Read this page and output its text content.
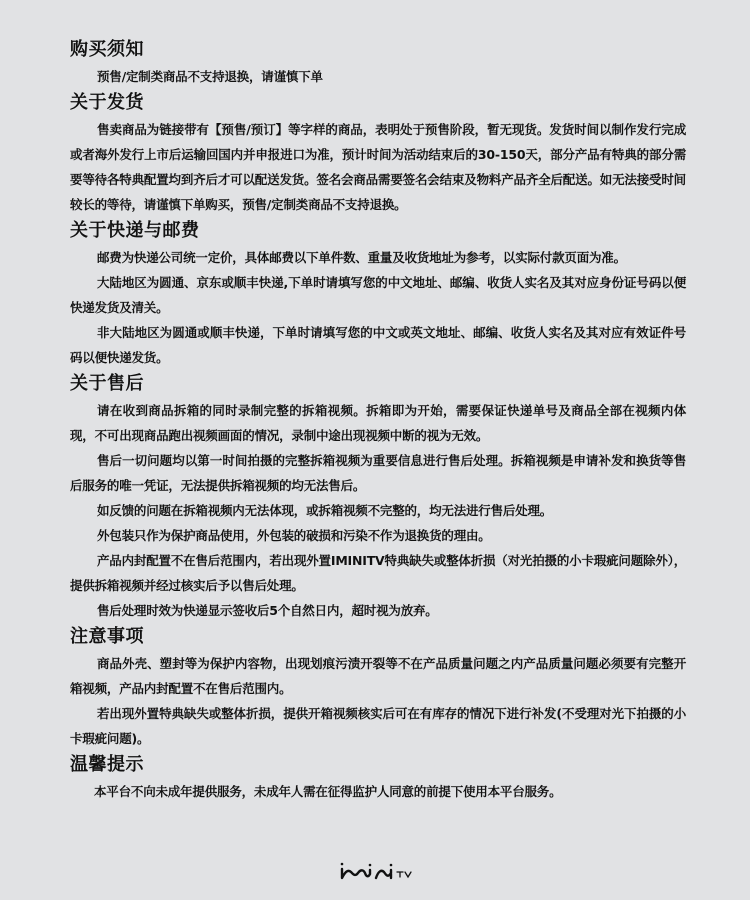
购买须知

预售/定制类商品不支持退换，请谨慎下单

关于发货

售卖商品为链接带有【预售/预订】等字样的商品，表明处于预售阶段，暂无现货。发货时间以制作发行完成或者海外发行上市后运输回国内并申报进口为准，预计时间为活动结束后的30-150天，部分产品有特典的部分需要等待各特典配置均到齐后才可以配送发货。签名会商品需要签名会结束及物料产品齐全后配送。如无法接受时间较长的等待，请谨慎下单购买，预售/定制类商品不支持退换。

关于快递与邮费

邮费为快递公司统一定价，具体邮费以下单件数、重量及收货地址为参考，以实际付款页面为准。

大陆地区为圆通、京东或顺丰快递,下单时请填写您的中文地址、邮编、收货人实名及其对应身份证号码以便快递发货及清关。

非大陆地区为圆通或顺丰快递，下单时请填写您的中文或英文地址、邮编、收货人实名及其对应有效证件号码以便快递发货。

关于售后

请在收到商品拆箱的同时录制完整的拆箱视频。拆箱即为开始，需要保证快递单号及商品全部在视频内体现，不可出现商品跑出视频画面的情况，录制中途出现视频中断的视为无效。

售后一切问题均以第一时间拍摄的完整拆箱视频为重要信息进行售后处理。拆箱视频是申请补发和换货等售后服务的唯一凭证，无法提供拆箱视频的均无法售后。

如反馈的问题在拆箱视频内无法体现，或拆箱视频不完整的，均无法进行售后处理。

外包装只作为保护商品使用，外包装的破损和污染不作为退换货的理由。

产品内封配置不在售后范围内，若出现外置IMINITV特典缺失或整体折损（对光拍摄的小卡瑕疵问题除外），提供拆箱视频并经过核实后予以售后处理。

售后处理时效为快递显示签收后5个自然日内，超时视为放弃。

注意事项

商品外壳、塑封等为保护内容物，出现划痕污渍开裂等不在产品质量问题之内产品质量问题必须要有完整开箱视频，产品内封配置不在售后范围内。

若出现外置特典缺失或整体折损，提供开箱视频核实后可在有库存的情况下进行补发(不受理对光下拍摄的小卡瑕疵问题)。

温馨提示

本平台不向未成年提供服务，未成年人需在征得监护人同意的前提下使用本平台服务。
